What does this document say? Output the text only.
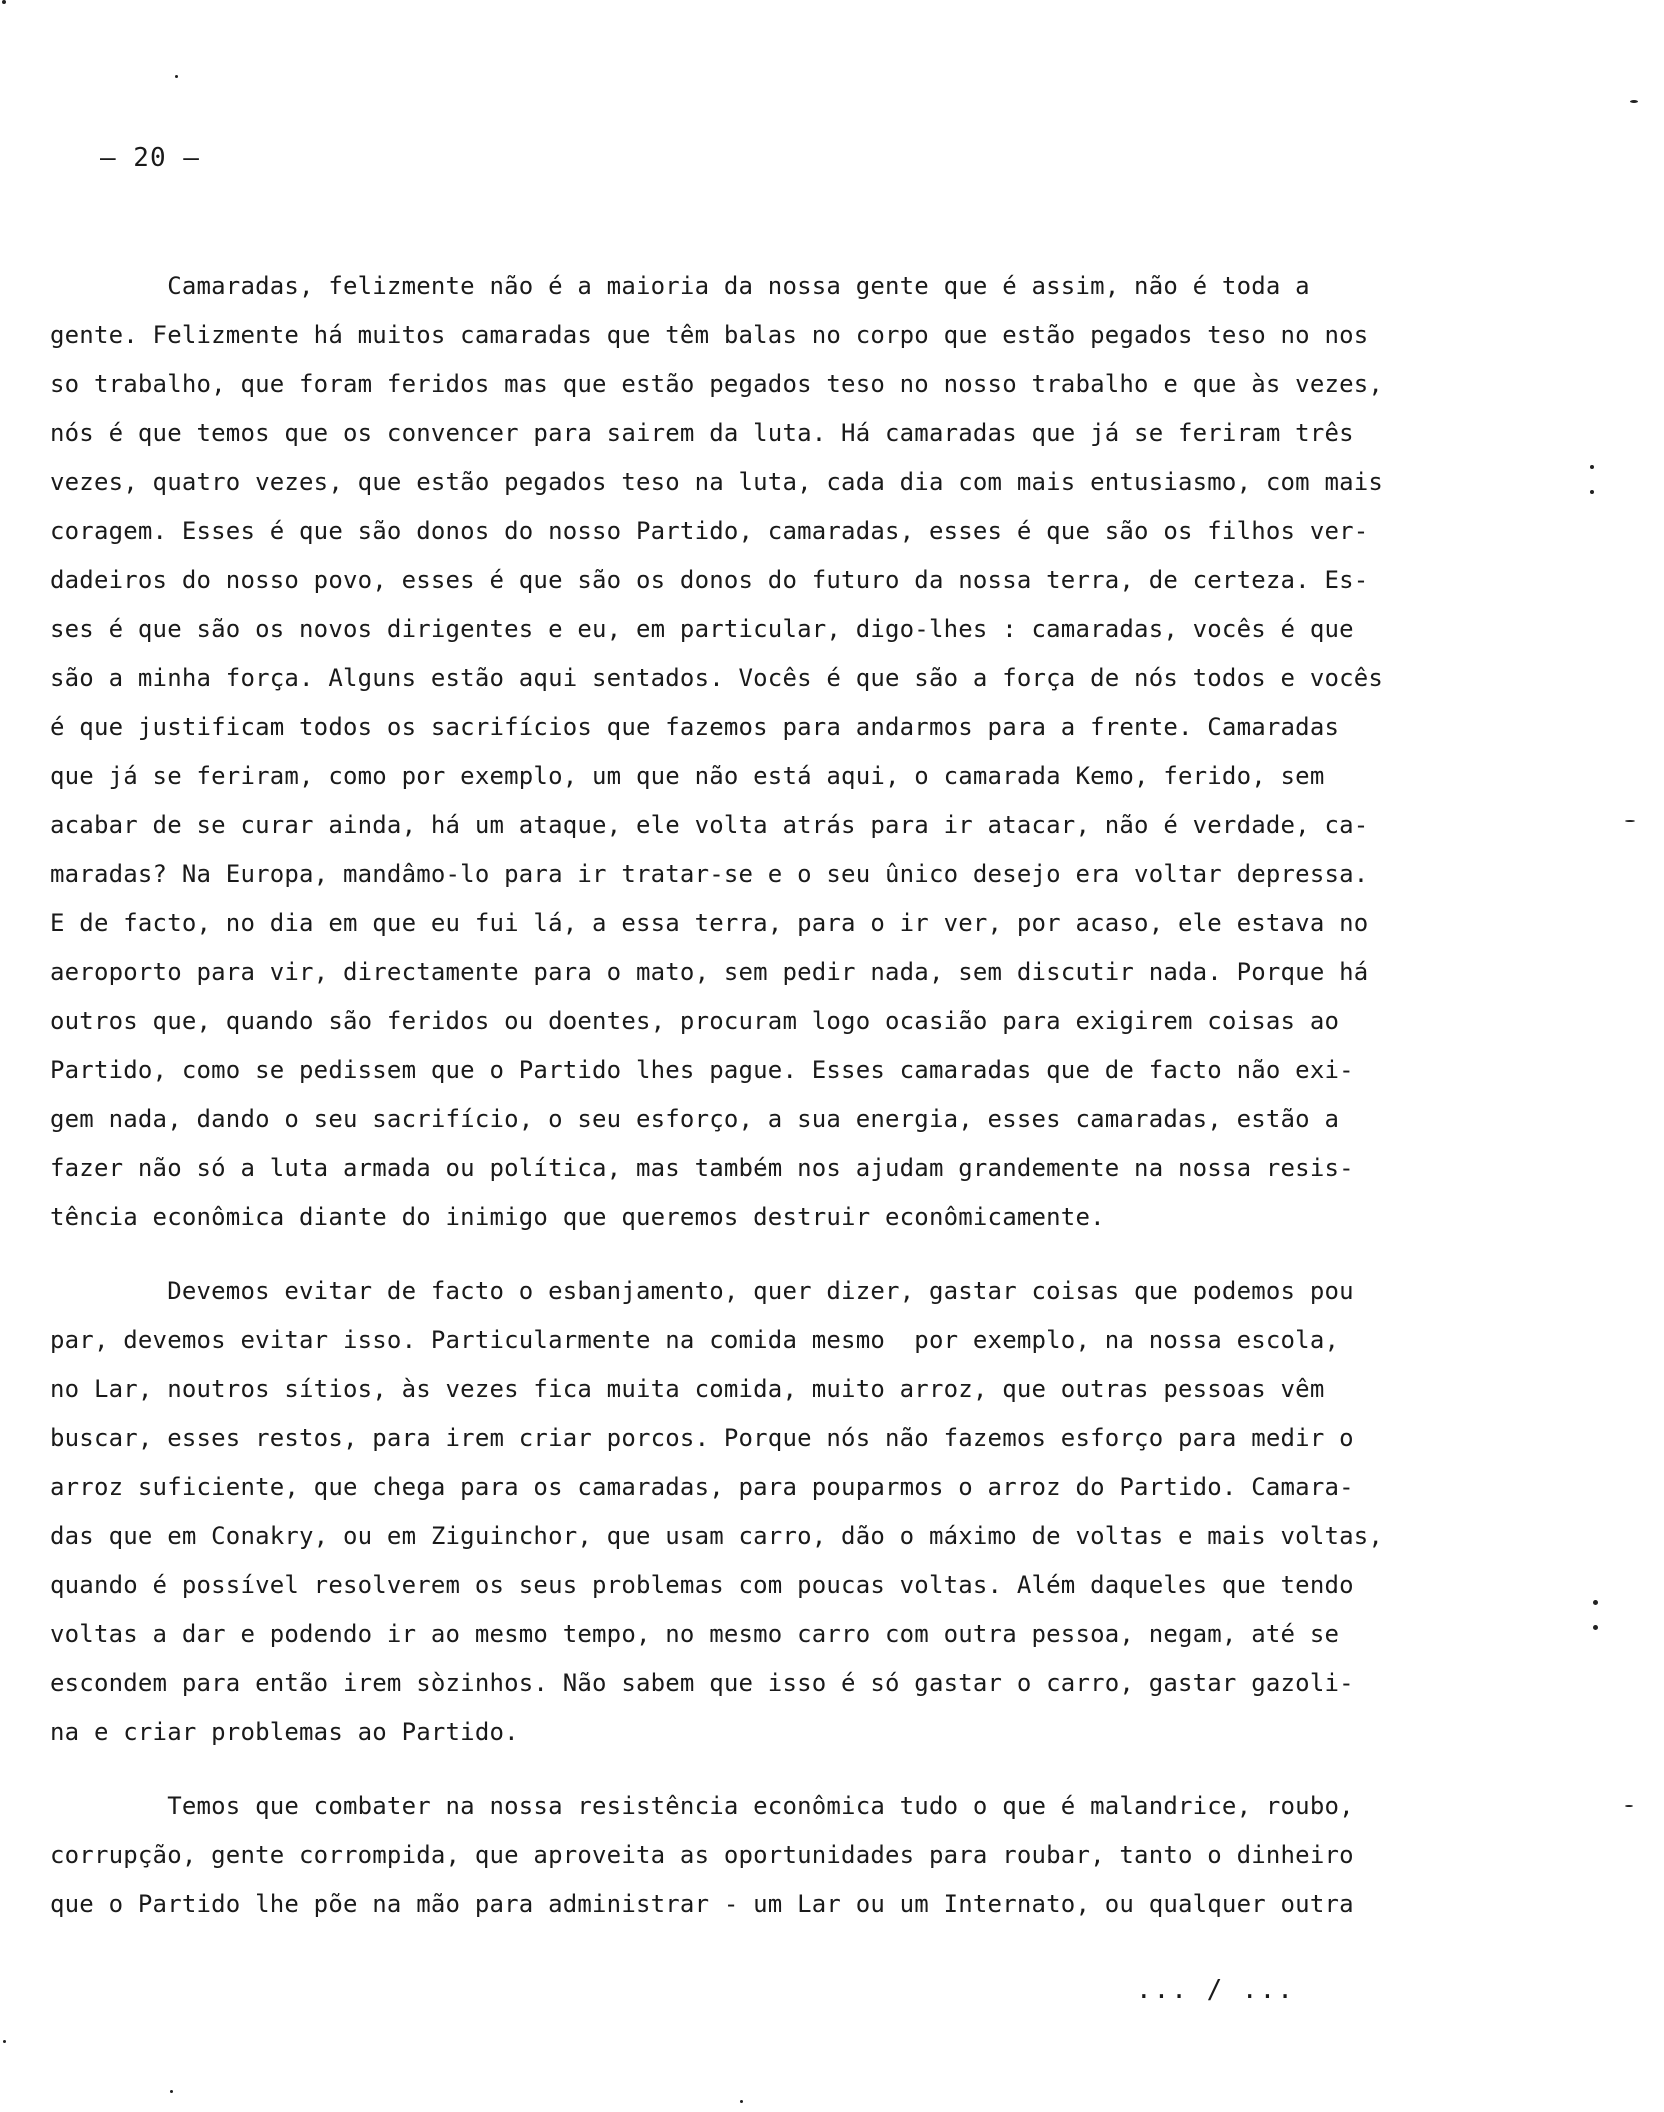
– 20 –

Camaradas, felizmente não é a maioria da nossa gente que é assim, não é toda a
gente. Felizmente há muitos camaradas que têm balas no corpo que estão pegados teso no nos
so trabalho, que foram feridos mas que estão pegados teso no nosso trabalho e que às vezes,
nós é que temos que os convencer para sairem da luta. Há camaradas que já se feriram três
vezes, quatro vezes, que estão pegados teso na luta, cada dia com mais entusiasmo, com mais
coragem. Esses é que são donos do nosso Partido, camaradas, esses é que são os filhos ver-
dadeiros do nosso povo, esses é que são os donos do futuro da nossa terra, de certeza. Es-
ses é que são os novos dirigentes e eu, em particular, digo-lhes : camaradas, vocês é que
são a minha força. Alguns estão aqui sentados. Vocês é que são a força de nós todos e vocês
é que justificam todos os sacrifícios que fazemos para andarmos para a frente. Camaradas
que já se feriram, como por exemplo, um que não está aqui, o camarada Kemo, ferido, sem
acabar de se curar ainda, há um ataque, ele volta atrás para ir atacar, não é verdade, ca-
maradas? Na Europa, mandâmo-lo para ir tratar-se e o seu ûnico desejo era voltar depressa.
E de facto, no dia em que eu fui lá, a essa terra, para o ir ver, por acaso, ele estava no
aeroporto para vir, directamente para o mato, sem pedir nada, sem discutir nada. Porque há
outros que, quando são feridos ou doentes, procuram logo ocasião para exigirem coisas ao
Partido, como se pedissem que o Partido lhes pague. Esses camaradas que de facto não exi-
gem nada, dando o seu sacrifício, o seu esforço, a sua energia, esses camaradas, estão a
fazer não só a luta armada ou política, mas também nos ajudam grandemente na nossa resis-
tência econômica diante do inimigo que queremos destruir econômicamente.

Devemos evitar de facto o esbanjamento, quer dizer, gastar coisas que podemos pou
par, devemos evitar isso. Particularmente na comida mesmo  por exemplo, na nossa escola,
no Lar, noutros sítios, às vezes fica muita comida, muito arroz, que outras pessoas vêm
buscar, esses restos, para irem criar porcos. Porque nós não fazemos esforço para medir o
arroz suficiente, que chega para os camaradas, para pouparmos o arroz do Partido. Camara-
das que em Conakry, ou em Ziguinchor, que usam carro, dão o máximo de voltas e mais voltas,
quando é possível resolverem os seus problemas com poucas voltas. Além daqueles que tendo
voltas a dar e podendo ir ao mesmo tempo, no mesmo carro com outra pessoa, negam, até se
escondem para então irem sòzinhos. Não sabem que isso é só gastar o carro, gastar gazoli-
na e criar problemas ao Partido.

Temos que combater na nossa resistência econômica tudo o que é malandrice, roubo,
corrupção, gente corrompida, que aproveita as oportunidades para roubar, tanto o dinheiro
que o Partido lhe põe na mão para administrar - um Lar ou um Internato, ou qualquer outra

... / ...
